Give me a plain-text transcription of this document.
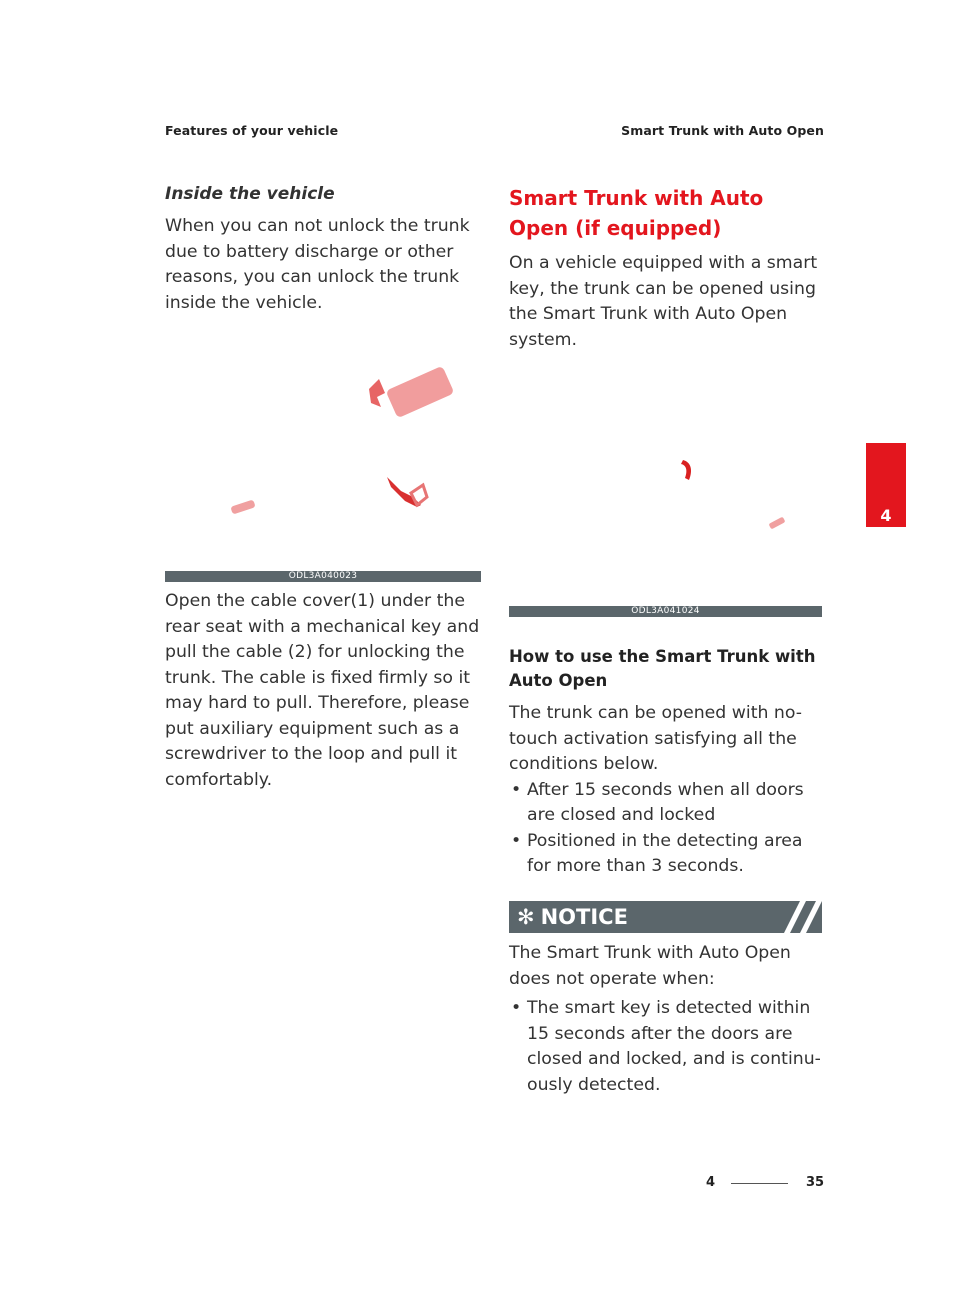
Features of your vehicle	Smart Trunk with Auto Open

Inside the vehicle

When you can not unlock the trunk due to battery discharge or other reasons, you can unlock the trunk inside the vehicle.

ODL3A040023

Open the cable cover(1) under the rear seat with a mechanical key and pull the cable (2) for unlocking the trunk. The cable is fixed firmly so it may hard to pull. Therefore, please put auxiliary equipment such as a screwdriver to the loop and pull it comfortably.

Smart Trunk with Auto Open (if equipped)

On a vehicle equipped with a smart key, the trunk can be opened using the Smart Trunk with Auto Open system.

ODL3A041024

How to use the Smart Trunk with Auto Open

The trunk can be opened with no-touch activation satisfying all the conditions below.

• After 15 seconds when all doors are closed and locked
• Positioned in the detecting area for more than 3 seconds.
✻ NOTICE

The Smart Trunk with Auto Open does not operate when:

• The smart key is detected within 15 seconds after the doors are closed and locked, and is continu-ously detected.
4
4	35
